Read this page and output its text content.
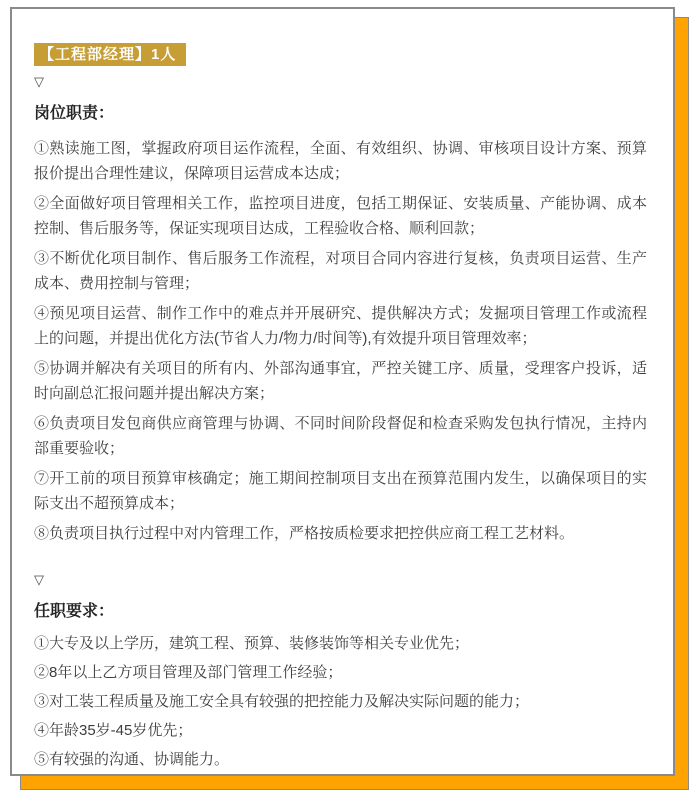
【工程部经理】1人
▽
岗位职责：

①熟读施工图，掌握政府项目运作流程，全面、有效组织、协调、审核项目设计方案、预算报价提出合理性建议，保障项目运营成本达成；

②全面做好项目管理相关工作，监控项目进度，包括工期保证、安装质量、产能协调、成本控制、售后服务等，保证实现项目达成，工程验收合格、顺利回款；

③不断优化项目制作、售后服务工作流程，对项目合同内容进行复核，负责项目运营、生产成本、费用控制与管理；

④预见项目运营、制作工作中的难点并开展研究、提供解决方式；发掘项目管理工作或流程上的问题，并提出优化方法(节省人力/物力/时间等),有效提升项目管理效率；

⑤协调并解决有关项目的所有内、外部沟通事宜，严控关键工序、质量，受理客户投诉，适时向副总汇报问题并提出解决方案；

⑥负责项目发包商供应商管理与协调、不同时间阶段督促和检查采购发包执行情况，主持内部重要验收；

⑦开工前的项目预算审核确定；施工期间控制项目支出在预算范围内发生，以确保项目的实际支出不超预算成本；

⑧负责项目执行过程中对内管理工作，严格按质检要求把控供应商工程工艺材料。

▽
任职要求：

①大专及以上学历，建筑工程、预算、装修装饰等相关专业优先；

②8年以上乙方项目管理及部门管理工作经验；

③对工装工程质量及施工安全具有较强的把控能力及解决实际问题的能力；

④年龄35岁-45岁优先；

⑤有较强的沟通、协调能力。
